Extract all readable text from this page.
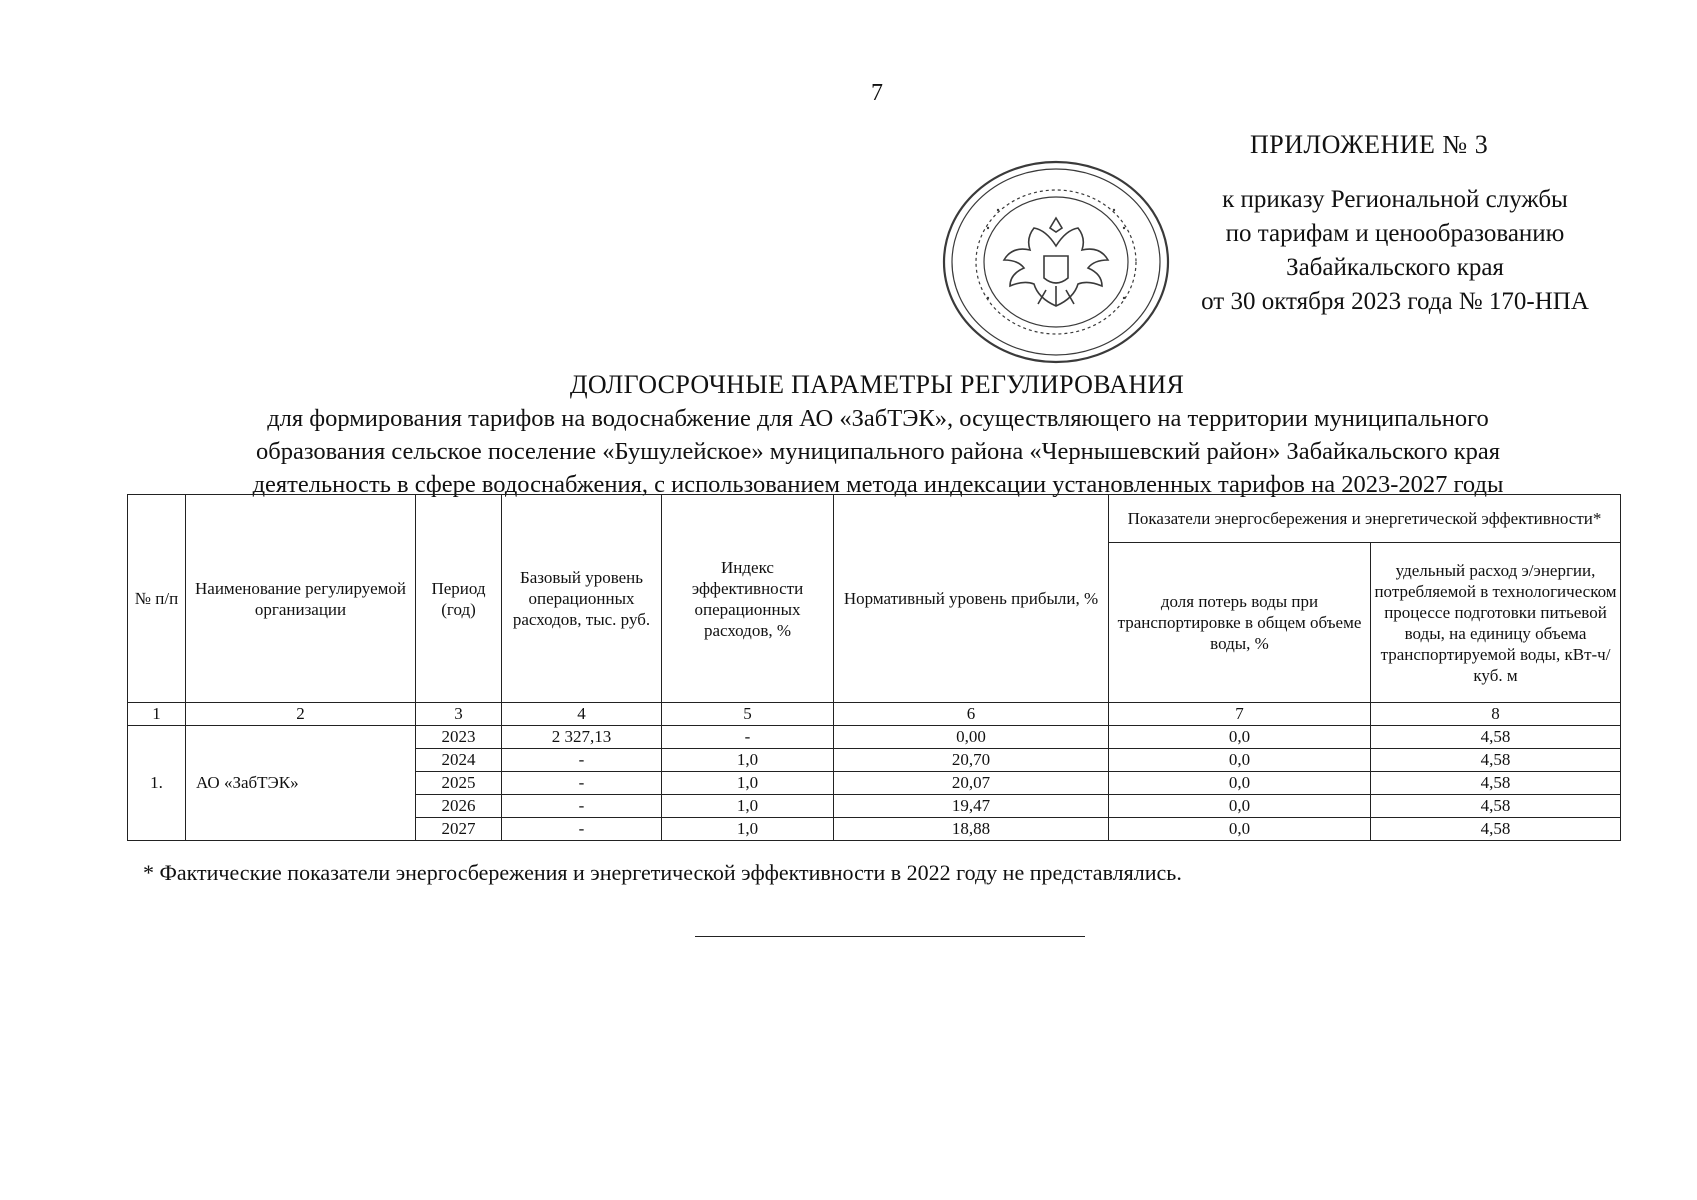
7
ПРИЛОЖЕНИЕ № 3
к приказу Региональной службы
по тарифам и ценообразованию
Забайкальского края
от 30 октября 2023 года № 170-НПА
ДОЛГОСРОЧНЫЕ ПАРАМЕТРЫ РЕГУЛИРОВАНИЯ
для формирования тарифов на водоснабжение для АО «ЗабТЭК», осуществляющего на территории муниципального
образования сельское поселение «Бушулейское» муниципального района «Чернышевский район» Забайкальского края
деятельность в сфере водоснабжения, с использованием метода индексации установленных тарифов на 2023-2027 годы
№ п/п	Наименование регулируемой организации	Период (год)	Базовый уровень операционных расходов, тыс. руб.	Индекс эффективности операционных расходов, %	Нормативный уровень прибыли, %	Показатели энергосбережения и энергетической эффективности*	
						доля потерь воды при транспортировке в общем объеме воды, %	удельный расход э/энергии, потребляемой в технологическом процессе подготовки питьевой воды, на единицу объема транспортируемой воды, кВт-ч/куб. м
1	2	3	4	5	6	7	8
1.	АО «ЗабТЭК»	2023	2 327,13	-	0,00	0,0	4,58
		2024	-	1,0	20,70	0,0	4,58
		2025	-	1,0	20,07	0,0	4,58
		2026	-	1,0	19,47	0,0	4,58
		2027	-	1,0	18,88	0,0	4,58
* Фактические показатели энергосбережения и энергетической эффективности в 2022 году не представлялись.
